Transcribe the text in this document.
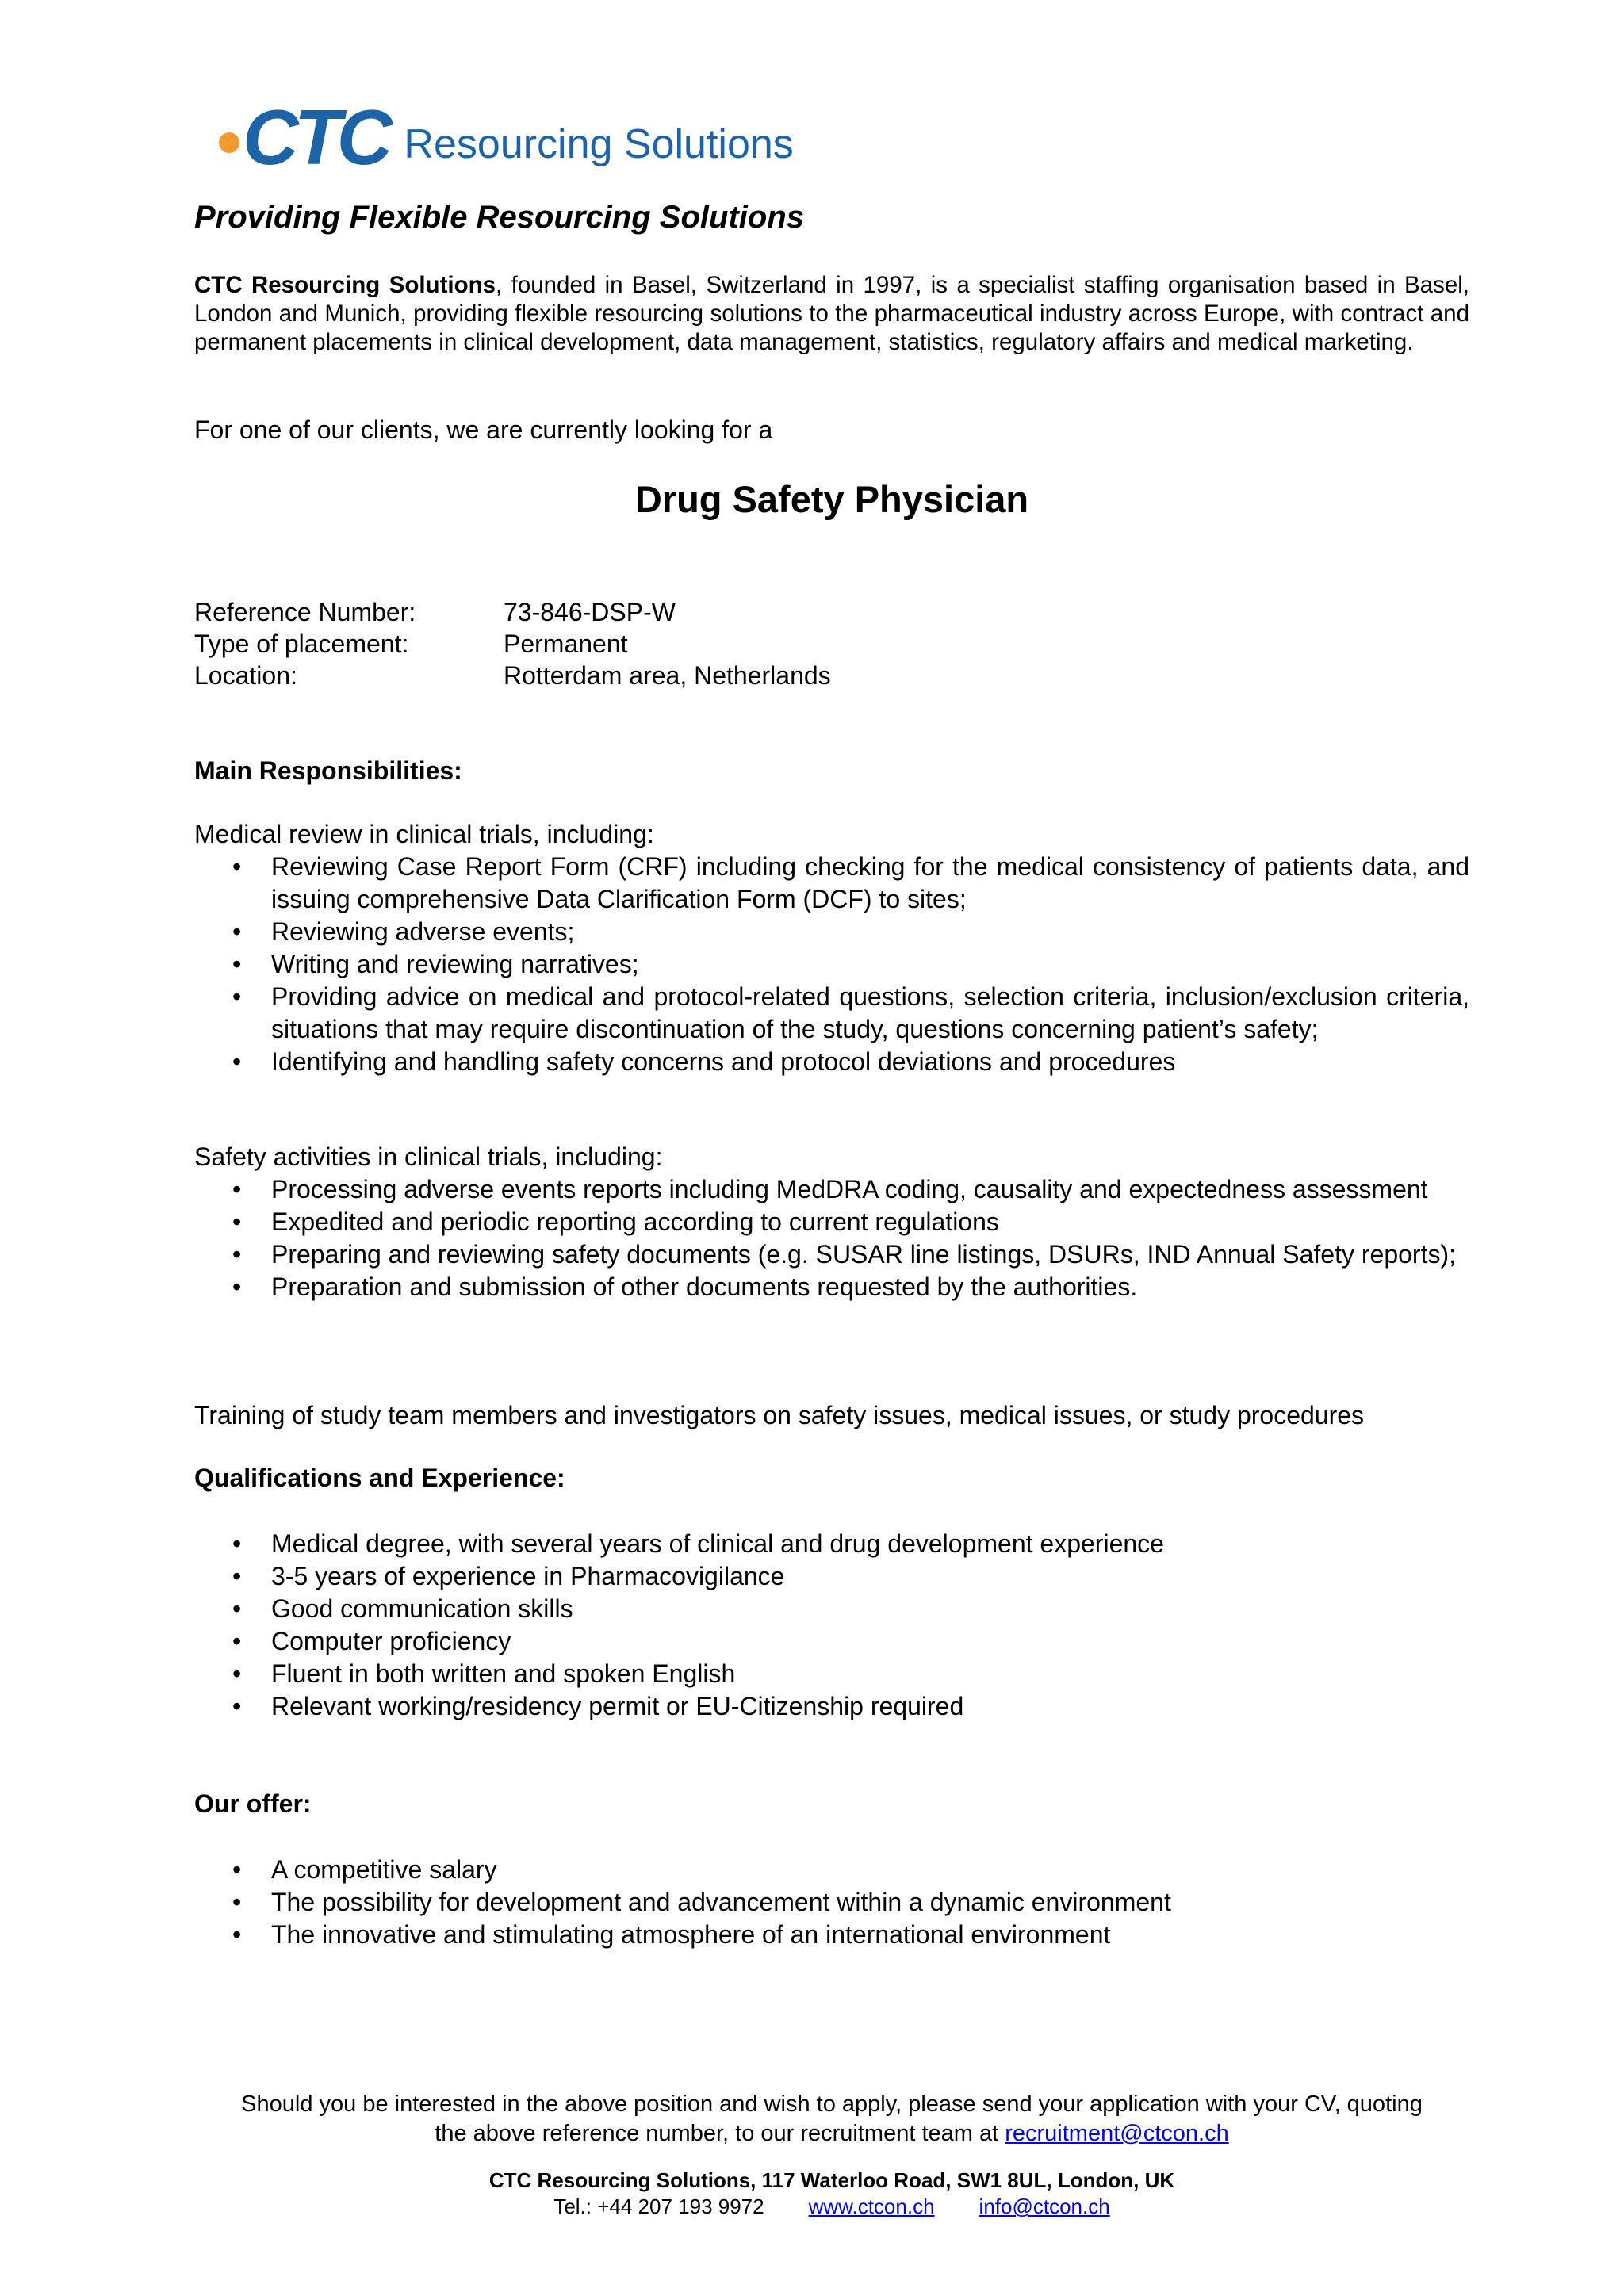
CTC Resourcing Solutions
Providing Flexible Resourcing Solutions
CTC Resourcing Solutions, founded in Basel, Switzerland in 1997, is a specialist staffing organisation based in Basel, London and Munich, providing flexible resourcing solutions to the pharmaceutical industry across Europe, with contract and permanent placements in clinical development, data management, statistics, regulatory affairs and medical marketing.
For one of our clients, we are currently looking for a
Drug Safety Physician
Reference Number:	73-846-DSP-W
Type of placement:	Permanent
Location:	Rotterdam area, Netherlands
Main Responsibilities:
Medical review in clinical trials, including:
• Reviewing Case Report Form (CRF) including checking for the medical consistency of patients data, and issuing comprehensive Data Clarification Form (DCF) to sites;
• Reviewing adverse events;
• Writing and reviewing narratives;
• Providing advice on medical and protocol-related questions, selection criteria, inclusion/exclusion criteria, situations that may require discontinuation of the study, questions concerning patient’s safety;
• Identifying and handling safety concerns and protocol deviations and procedures
Safety activities in clinical trials, including:
• Processing adverse events reports including MedDRA coding, causality and expectedness assessment
• Expedited and periodic reporting according to current regulations
• Preparing and reviewing safety documents (e.g. SUSAR line listings, DSURs, IND Annual Safety reports);
• Preparation and submission of other documents requested by the authorities.
Training of study team members and investigators on safety issues, medical issues, or study procedures
Qualifications and Experience:
• Medical degree, with several years of clinical and drug development experience
• 3-5 years of experience in Pharmacovigilance
• Good communication skills
• Computer proficiency
• Fluent in both written and spoken English
• Relevant working/residency permit or EU-Citizenship required
Our offer:
• A competitive salary
• The possibility for development and advancement within a dynamic environment
• The innovative and stimulating atmosphere of an international environment
Should you be interested in the above position and wish to apply, please send your application with your CV, quoting
the above reference number, to our recruitment team at recruitment@ctcon.ch
CTC Resourcing Solutions, 117 Waterloo Road, SW1 8UL, London, UK
Tel.: +44 207 193 9972 www.ctcon.ch info@ctcon.ch
